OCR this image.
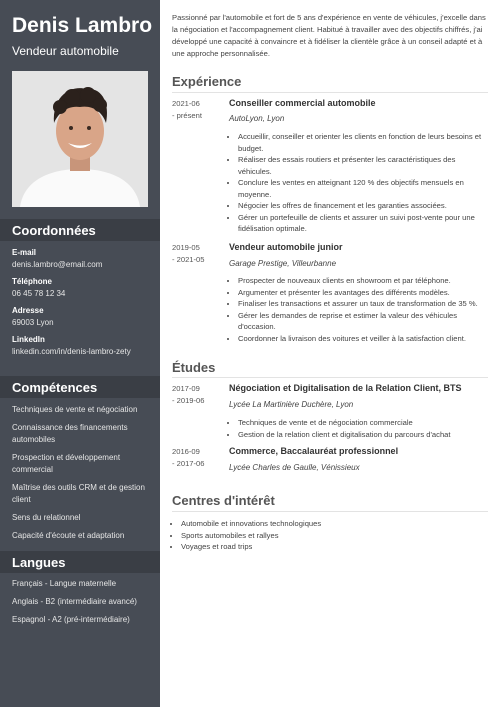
Denis Lambro
Vendeur automobile
Coordonnées
E-mail
denis.lambro@email.com
Téléphone
06 45 78 12 34
Adresse
69003 Lyon
LinkedIn
linkedin.com/in/denis-lambro-zety
Compétences
Techniques de vente et négociation
Connaissance des financements automobiles
Prospection et développement commercial
Maîtrise des outils CRM et de gestion client
Sens du relationnel
Capacité d'écoute et adaptation
Langues
Français - Langue maternelle
Anglais - B2 (intermédiaire avancé)
Espagnol - A2 (pré-intermédiaire)

Passionné par l'automobile et fort de 5 ans d'expérience en vente de véhicules, j'excelle dans la négociation et l'accompagnement client. Habitué à travailler avec des objectifs chiffrés, j'ai développé une capacité à convaincre et à fidéliser la clientèle grâce à un conseil adapté et à une approche personnalisée.

Expérience
2021-06
- présent
Conseiller commercial automobile
AutoLyon, Lyon
• Accueillir, conseiller et orienter les clients en fonction de leurs besoins et budget.
• Réaliser des essais routiers et présenter les caractéristiques des véhicules.
• Conclure les ventes en atteignant 120 % des objectifs mensuels en moyenne.
• Négocier les offres de financement et les garanties associées.
• Gérer un portefeuille de clients et assurer un suivi post-vente pour une fidélisation optimale.
2019-05
- 2021-05
Vendeur automobile junior
Garage Prestige, Villeurbanne
• Prospecter de nouveaux clients en showroom et par téléphone.
• Argumenter et présenter les avantages des différents modèles.
• Finaliser les transactions et assurer un taux de transformation de 35 %.
• Gérer les demandes de reprise et estimer la valeur des véhicules d'occasion.
• Coordonner la livraison des voitures et veiller à la satisfaction client.
Études
2017-09
- 2019-06
Négociation et Digitalisation de la Relation Client, BTS
Lycée La Martinière Duchère, Lyon
• Techniques de vente et de négociation commerciale
• Gestion de la relation client et digitalisation du parcours d'achat
2016-09
- 2017-06
Commerce, Baccalauréat professionnel
Lycée Charles de Gaulle, Vénissieux
Centres d'intérêt
• Automobile et innovations technologiques
• Sports automobiles et rallyes
• Voyages et road trips
